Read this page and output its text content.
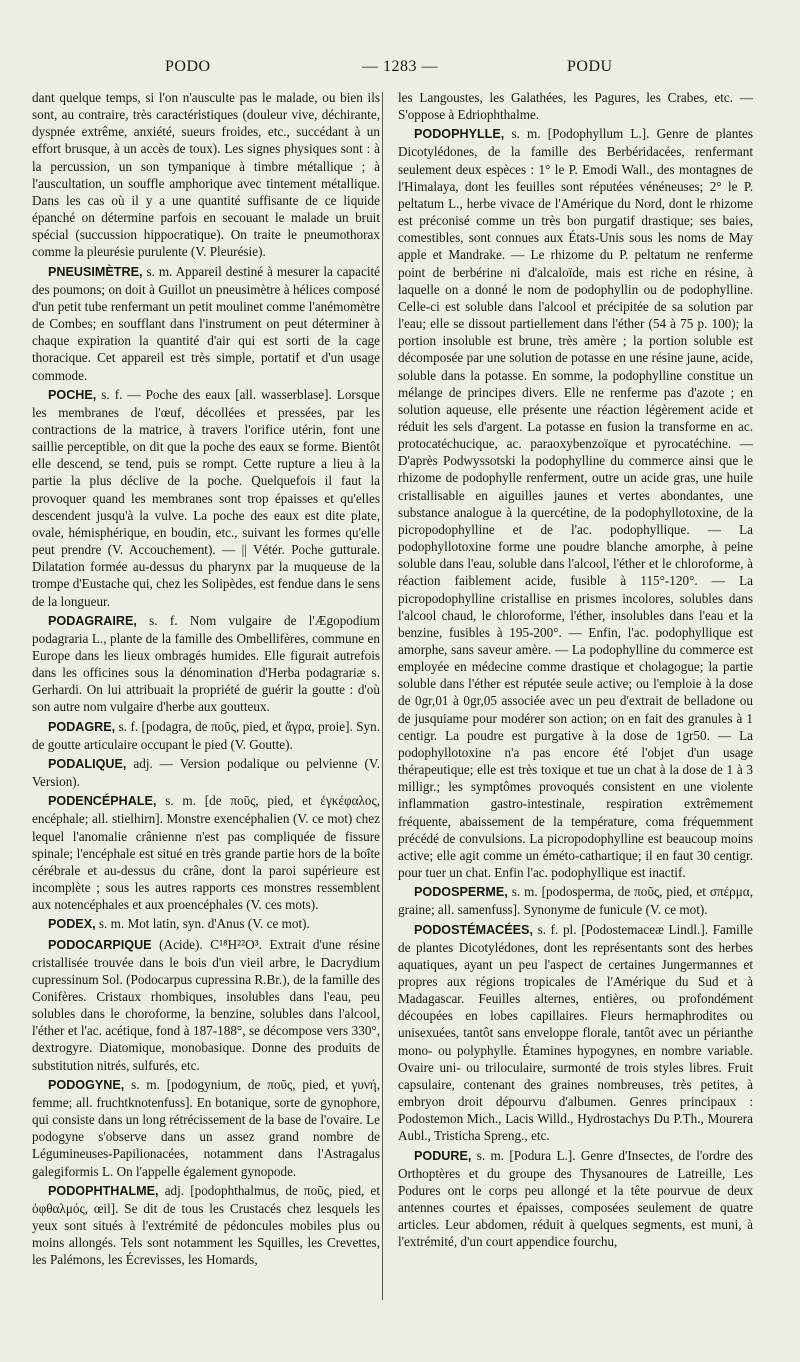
PODO	— 1283 —	PODU

dant quelque temps, si l'on n'ausculte pas le malade, ou bien ils sont, au contraire, très caractéristiques (douleur vive, déchirante, dyspnée extrême, anxiété, sueurs froides, etc., succédant à un effort brusque, à un accès de toux). Les signes physiques sont : à la percussion, un son tympanique à timbre métallique ; à l'auscultation, un souffle amphorique avec tintement métallique. Dans les cas où il y a une quantité suffisante de ce liquide épanché on détermine parfois en secouant le malade un bruit spécial (succussion hippocratique). On traite le pneumothorax comme la pleurésie purulente (V. Pleurésie).

PNEUSIMÈTRE, s. m. Appareil destiné à mesurer la capacité des poumons; on doit à Guillot un pneusimètre à hélices composé d'un petit tube renfermant un petit moulinet comme l'anémomètre de Combes; en soufflant dans l'instrument on peut déterminer à chaque expiration la quantité d'air qui est sorti de la cage thoracique. Cet appareil est très simple, portatif et d'un usage commode.

POCHE, s. f. — Poche des eaux [all. wasserblase]. Lorsque les membranes de l'œuf, décollées et pressées, par les contractions de la matrice, à travers l'orifice utérin, font une saillie perceptible, on dit que la poche des eaux se forme. Bientôt elle descend, se tend, puis se rompt. Cette rupture a lieu à la partie la plus déclive de la poche. Quelquefois il faut la provoquer quand les membranes sont trop épaisses et qu'elles descendent jusqu'à la vulve. La poche des eaux est dite plate, ovale, hémisphérique, en boudin, etc., suivant les formes qu'elle peut prendre (V. Accouchement). — || Vétér. Poche gutturale. Dilatation formée au-dessus du pharynx par la muqueuse de la trompe d'Eustache qui, chez les Solipèdes, est fendue dans le sens de la longueur.

PODAGRAIRE, s. f. Nom vulgaire de l'Ægopodium podagraria L., plante de la famille des Ombellifères, commune en Europe dans les lieux ombragés humides. Elle figurait autrefois dans les officines sous la dénomination d'Herba podagrariæ s. Gerhardi. On lui attribuait la propriété de guérir la goutte : d'où son autre nom vulgaire d'herbe aux goutteux.

PODAGRE, s. f. [podagra, de ποῦς, pied, et ἄγρα, proie]. Syn. de goutte articulaire occupant le pied (V. Goutte).

PODALIQUE, adj. — Version podalique ou pelvienne (V. Version).

PODENCÉPHALE, s. m. [de ποῦς, pied, et ἐγκέφαλος, encéphale; all. stielhirn]. Monstre exencéphalien (V. ce mot) chez lequel l'anomalie crânienne n'est pas compliquée de fissure spinale; l'encéphale est situé en très grande partie hors de la boîte cérébrale et au-dessus du crâne, dont la paroi supérieure est incomplète ; sous les autres rapports ces monstres ressemblent aux notencéphales et aux proencéphales (V. ces mots).

PODEX, s. m. Mot latin, syn. d'Anus (V. ce mot).

PODOCARPIQUE (Acide). C¹⁸H²²O³. Extrait d'une résine cristallisée trouvée dans le bois d'un vieil arbre, le Dacrydium cupressinum Sol. (Podocarpus cupressina R.Br.), de la famille des Conifères. Cristaux rhombiques, insolubles dans l'eau, peu solubles dans le choroforme, la benzine, solubles dans l'alcool, l'éther et l'ac. acétique, fond à 187-188°, se décompose vers 330°, dextrogyre. Diatomique, monobasique. Donne des produits de substitution nitrés, sulfurés, etc.

PODOGYNE, s. m. [podogynium, de ποῦς, pied, et γυνή, femme; all. fruchtknotenfuss]. En botanique, sorte de gynophore, qui consiste dans un long rétrécissement de la base de l'ovaire. Le podogyne s'observe dans un assez grand nombre de Légumineuses-Papilionacées, notamment dans l'Astragalus galegiformis L. On l'appelle également gynopode.

PODOPHTHALME, adj. [podophthalmus, de ποῦς, pied, et ὀφθαλμός, œil]. Se dit de tous les Crustacés chez lesquels les yeux sont situés à l'extrémité de pédoncules mobiles plus ou moins allongés. Tels sont notamment les Squilles, les Crevettes, les Palémons, les Écrevisses, les Homards,

les Langoustes, les Galathées, les Pagures, les Crabes, etc. — S'oppose à Edriophthalme.

PODOPHYLLE, s. m. [Podophyllum L.]. Genre de plantes Dicotylédones, de la famille des Berbéridacées, renfermant seulement deux espèces : 1° le P. Emodi Wall., des montagnes de l'Himalaya, dont les feuilles sont réputées vénéneuses; 2° le P. peltatum L., herbe vivace de l'Amérique du Nord, dont le rhizome est préconisé comme un très bon purgatif drastique; ses baies, comestibles, sont connues aux États-Unis sous les noms de May apple et Mandrake. — Le rhizome du P. peltatum ne renferme point de berbérine ni d'alcaloïde, mais est riche en résine, à laquelle on a donné le nom de podophyllin ou de podophylline. Celle-ci est soluble dans l'alcool et précipitée de sa solution par l'eau; elle se dissout partiellement dans l'éther (54 à 75 p. 100); la portion insoluble est brune, très amère ; la portion soluble est décomposée par une solution de potasse en une résine jaune, acide, soluble dans la potasse. En somme, la podophylline constitue un mélange de principes divers. Elle ne renferme pas d'azote ; en solution aqueuse, elle présente une réaction légèrement acide et réduit les sels d'argent. La potasse en fusion la transforme en ac. protocatéchucique, ac. paraoxybenzoïque et pyrocatéchine. — D'après Podwyssotski la podophylline du commerce ainsi que le rhizome de podophylle renferment, outre un acide gras, une huile cristallisable en aiguilles jaunes et vertes abondantes, une substance analogue à la quercétine, de la podophyllotoxine, de la picropodophylline et de l'ac. podophyllique. — La podophyllotoxine forme une poudre blanche amorphe, à peine soluble dans l'eau, soluble dans l'alcool, l'éther et le chloroforme, à réaction faiblement acide, fusible à 115°-120°. — La picropodophylline cristallise en prismes incolores, solubles dans l'alcool chaud, le chloroforme, l'éther, insolubles dans l'eau et la benzine, fusibles à 195-200°. — Enfin, l'ac. podophyllique est amorphe, sans saveur amère. — La podophylline du commerce est employée en médecine comme drastique et cholagogue; la partie soluble dans l'éther est réputée seule active; ou l'emploie à la dose de 0gr,01 à 0gr,05 associée avec un peu d'extrait de belladone ou de jusquiame pour modérer son action; on en fait des granules à 1 centigr. La poudre est purgative à la dose de 1gr50. — La podophyllotoxine n'a pas encore été l'objet d'un usage thérapeutique; elle est très toxique et tue un chat à la dose de 1 à 3 milligr.; les symptômes provoqués consistent en une violente inflammation gastro-intestinale, respiration extrêmement fréquente, abaissement de la température, coma fréquemment précédé de convulsions. La picropodophylline est beaucoup moins active; elle agit comme un éméto-cathartique; il en faut 30 centigr. pour tuer un chat. Enfin l'ac. podophyllique est inactif.

PODOSPERME, s. m. [podosperma, de ποῦς, pied, et σπέρμα, graine; all. samenfuss]. Synonyme de funicule (V. ce mot).

PODOSTÉMACÉES, s. f. pl. [Podostemaceæ Lindl.]. Famille de plantes Dicotylédones, dont les représentants sont des herbes aquatiques, ayant un peu l'aspect de certaines Jungermannes et propres aux régions tropicales de l'Amérique du Sud et à Madagascar. Feuilles alternes, entières, ou profondément découpées en lobes capillaires. Fleurs hermaphrodites ou unisexuées, tantôt sans enveloppe florale, tantôt avec un périanthe mono- ou polyphylle. Étamines hypogynes, en nombre variable. Ovaire uni- ou triloculaire, surmonté de trois styles libres. Fruit capsulaire, contenant des graines nombreuses, très petites, à embryon droit dépourvu d'albumen. Genres principaux : Podostemon Mich., Lacis Willd., Hydrostachys Du P.Th., Mourera Aubl., Tristicha Spreng., etc.

PODURE, s. m. [Podura L.]. Genre d'Insectes, de l'ordre des Orthoptères et du groupe des Thysanoures de Latreille, Les Podures ont le corps peu allongé et la tête pourvue de deux antennes courtes et épaisses, composées seulement de quatre articles. Leur abdomen, réduit à quelques segments, est muni, à l'extrémité, d'un court appendice fourchu,
